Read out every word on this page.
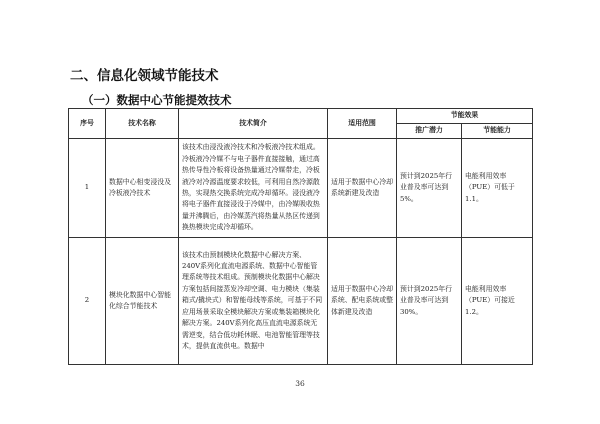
二、信息化领域节能技术
（一）数据中心节能提效技术
序号	技术名称	技术简介	适用范围	节能效果	
				推广潜力	节能能力
1	数据中心相变浸没及冷板液冷技术	该技术由浸没液冷技术和冷板液冷技术组成。冷板液冷冷媒不与电子器件直接接触，通过高热传导性冷板将设备热量通过冷媒带走，冷板液冷对冷源温度要求较低，可利用自然冷源散热，实现热交换系统完成冷却循环。浸没液冷将电子器件直接浸没于冷媒中，由冷媒吸收热量并沸腾后，由冷媒蒸汽将热量从热区传递到换热模块完成冷却循环。	适用于数据中心冷却系统新建及改造	预计到2025年行业普及率可达到5%。	电能利用效率（PUE）可低于1.1。
2	模块化数据中心智能化综合节能技术	该技术由预制模块化数据中心解决方案、240V系列化直流电源系统、数据中心智能管理系统等技术组成。预制模块化数据中心解决方案包括间接蒸发冷却空调、电力模块（集装箱式/撬块式）和智能母线等系统，可基于不同应用场景采取全模块解决方案或集装箱模块化解决方案。240V系列化高压直流电源系统无需逆变，结合低功耗休眠、电池智能管理等技术，提供直流供电。数据中	适用于数据中心冷却系统、配电系统或整体新建及改造	预计到2025年行业普及率可达到30%。	电能利用效率（PUE）可接近1.2。
36
